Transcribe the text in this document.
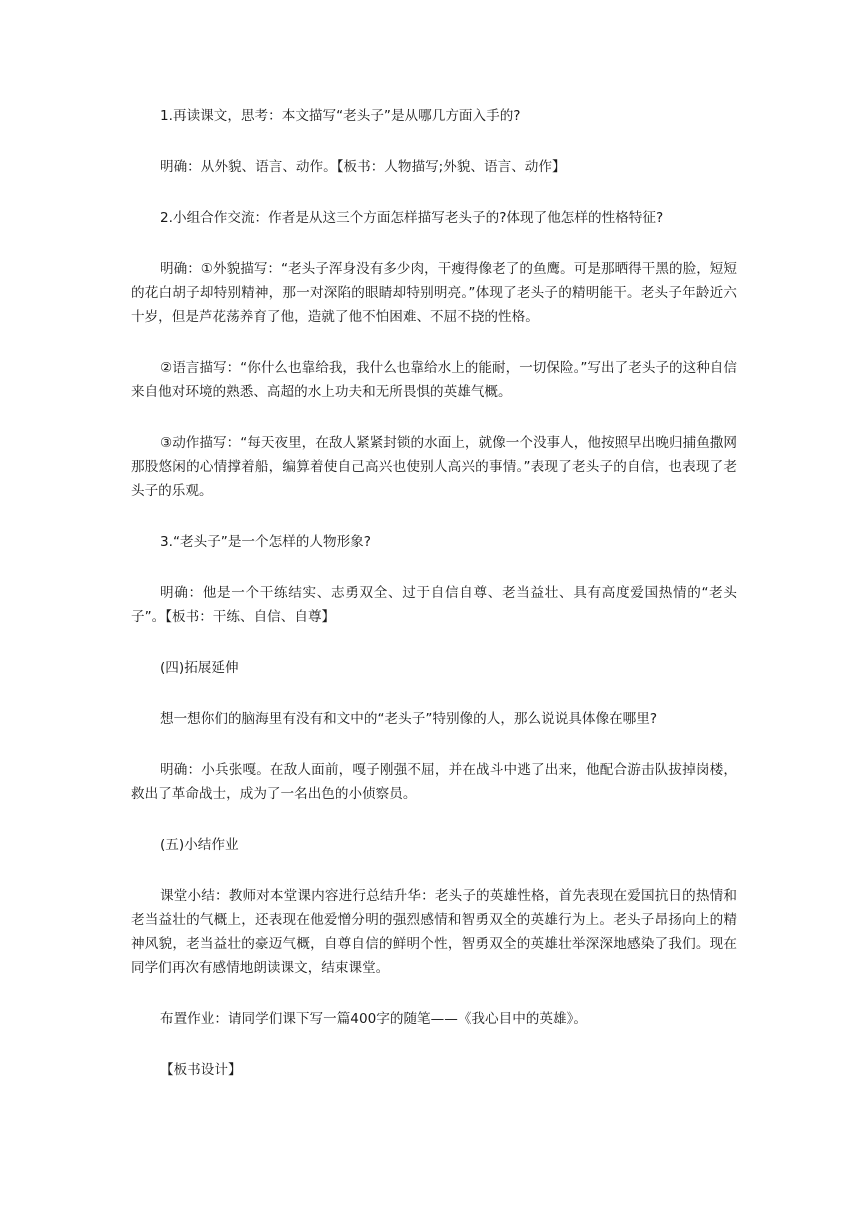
1.再读课文，思考：本文描写“老头子”是从哪几方面入手的?

明确：从外貌、语言、动作。【板书：人物描写;外貌、语言、动作】

2.小组合作交流：作者是从这三个方面怎样描写老头子的?体现了他怎样的性格特征?

明确：①外貌描写：“老头子浑身没有多少肉，干瘦得像老了的鱼鹰。可是那晒得干黑的脸，短短的花白胡子却特别精神，那一对深陷的眼睛却特别明亮。”体现了老头子的精明能干。老头子年龄近六十岁，但是芦花荡养育了他，造就了他不怕困难、不屈不挠的性格。

②语言描写：“你什么也靠给我，我什么也靠给水上的能耐，一切保险。”写出了老头子的这种自信来自他对环境的熟悉、高超的水上功夫和无所畏惧的英雄气概。

③动作描写：“每天夜里，在敌人紧紧封锁的水面上，就像一个没事人，他按照早出晚归捕鱼撒网那股悠闲的心情撑着船，编算着使自己高兴也使别人高兴的事情。”表现了老头子的自信，也表现了老头子的乐观。

3.“老头子”是一个怎样的人物形象?

明确：他是一个干练结实、志勇双全、过于自信自尊、老当益壮、具有高度爱国热情的“老头子”。【板书：干练、自信、自尊】

(四)拓展延伸

想一想你们的脑海里有没有和文中的“老头子”特别像的人，那么说说具体像在哪里?

明确：小兵张嘎。在敌人面前，嘎子刚强不屈，并在战斗中逃了出来，他配合游击队拔掉岗楼，救出了革命战士，成为了一名出色的小侦察员。

(五)小结作业

课堂小结：教师对本堂课内容进行总结升华：老头子的英雄性格，首先表现在爱国抗日的热情和老当益壮的气概上，还表现在他爱憎分明的强烈感情和智勇双全的英雄行为上。老头子昂扬向上的精神风貌，老当益壮的豪迈气概，自尊自信的鲜明个性，智勇双全的英雄壮举深深地感染了我们。现在同学们再次有感情地朗读课文，结束课堂。

布置作业：请同学们课下写一篇400字的随笔——《我心目中的英雄》。

【板书设计】
